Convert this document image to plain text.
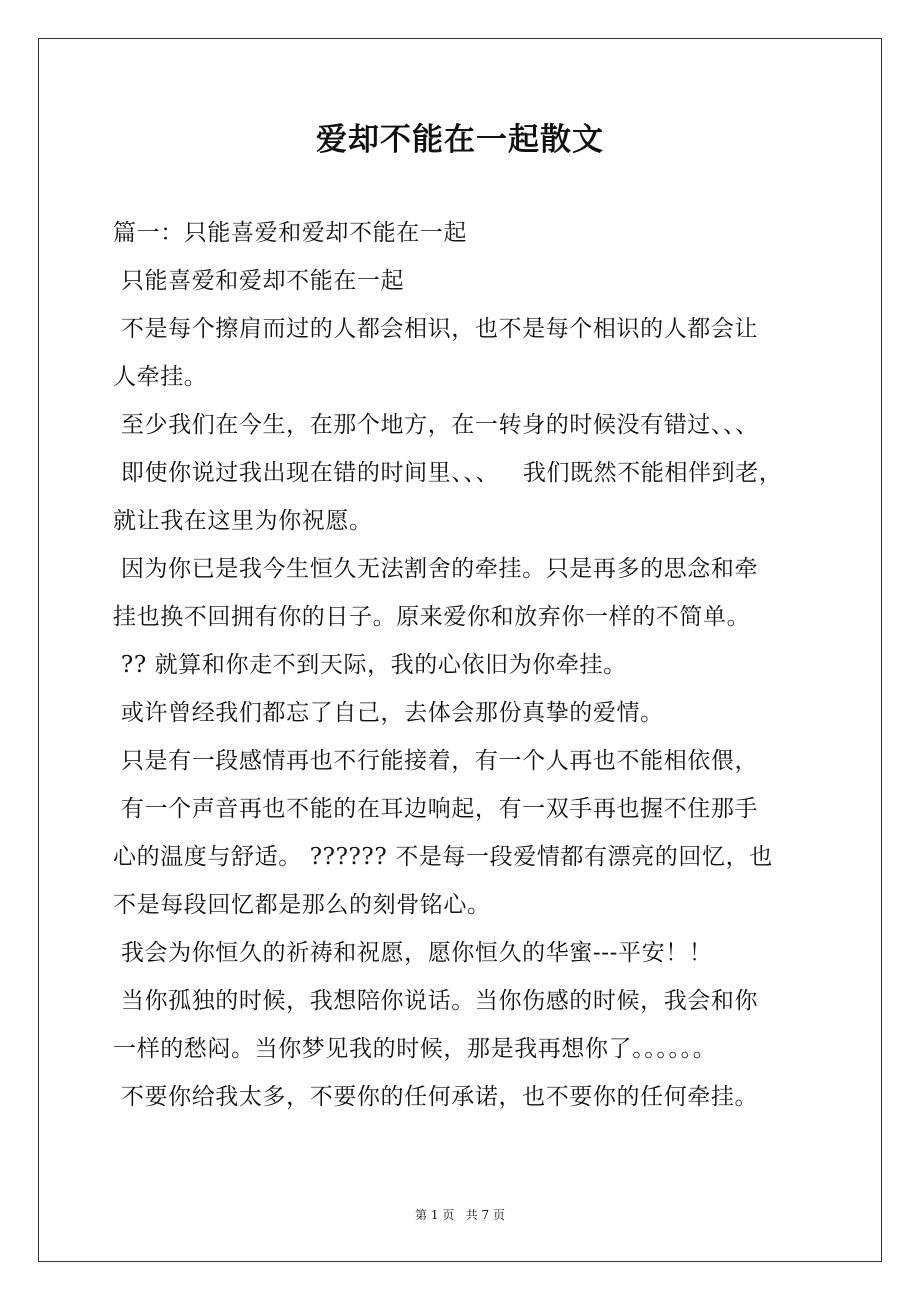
爱却不能在一起散文
篇一：只能喜爱和爱却不能在一起
只能喜爱和爱却不能在一起
不是每个擦肩而过的人都会相识，也不是每个相识的人都会让
人牵挂。
至少我们在今生，在那个地方，在一转身的时候没有错过、、、
即使你说过我出现在错的时间里、、、   我们既然不能相伴到老，
就让我在这里为你祝愿。
因为你已是我今生恒久无法割舍的牵挂。只是再多的思念和牵
挂也换不回拥有你的日子。原来爱你和放弃你一样的不简单。
?? 就算和你走不到天际，我的心依旧为你牵挂。
或许曾经我们都忘了自己，去体会那份真挚的爱情。
只是有一段感情再也不行能接着，有一个人再也不能相依偎，
有一个声音再也不能的在耳边响起，有一双手再也握不住那手
心的温度与舒适。 ?????? 不是每一段爱情都有漂亮的回忆，也
不是每段回忆都是那么的刻骨铭心。
我会为你恒久的祈祷和祝愿，愿你恒久的华蜜---平安！！
当你孤独的时候，我想陪你说话。当你伤感的时候，我会和你
一样的愁闷。当你梦见我的时候，那是我再想你了。。。。。。
不要你给我太多，不要你的任何承诺，也不要你的任何牵挂。
第 1 页   共 7 页
